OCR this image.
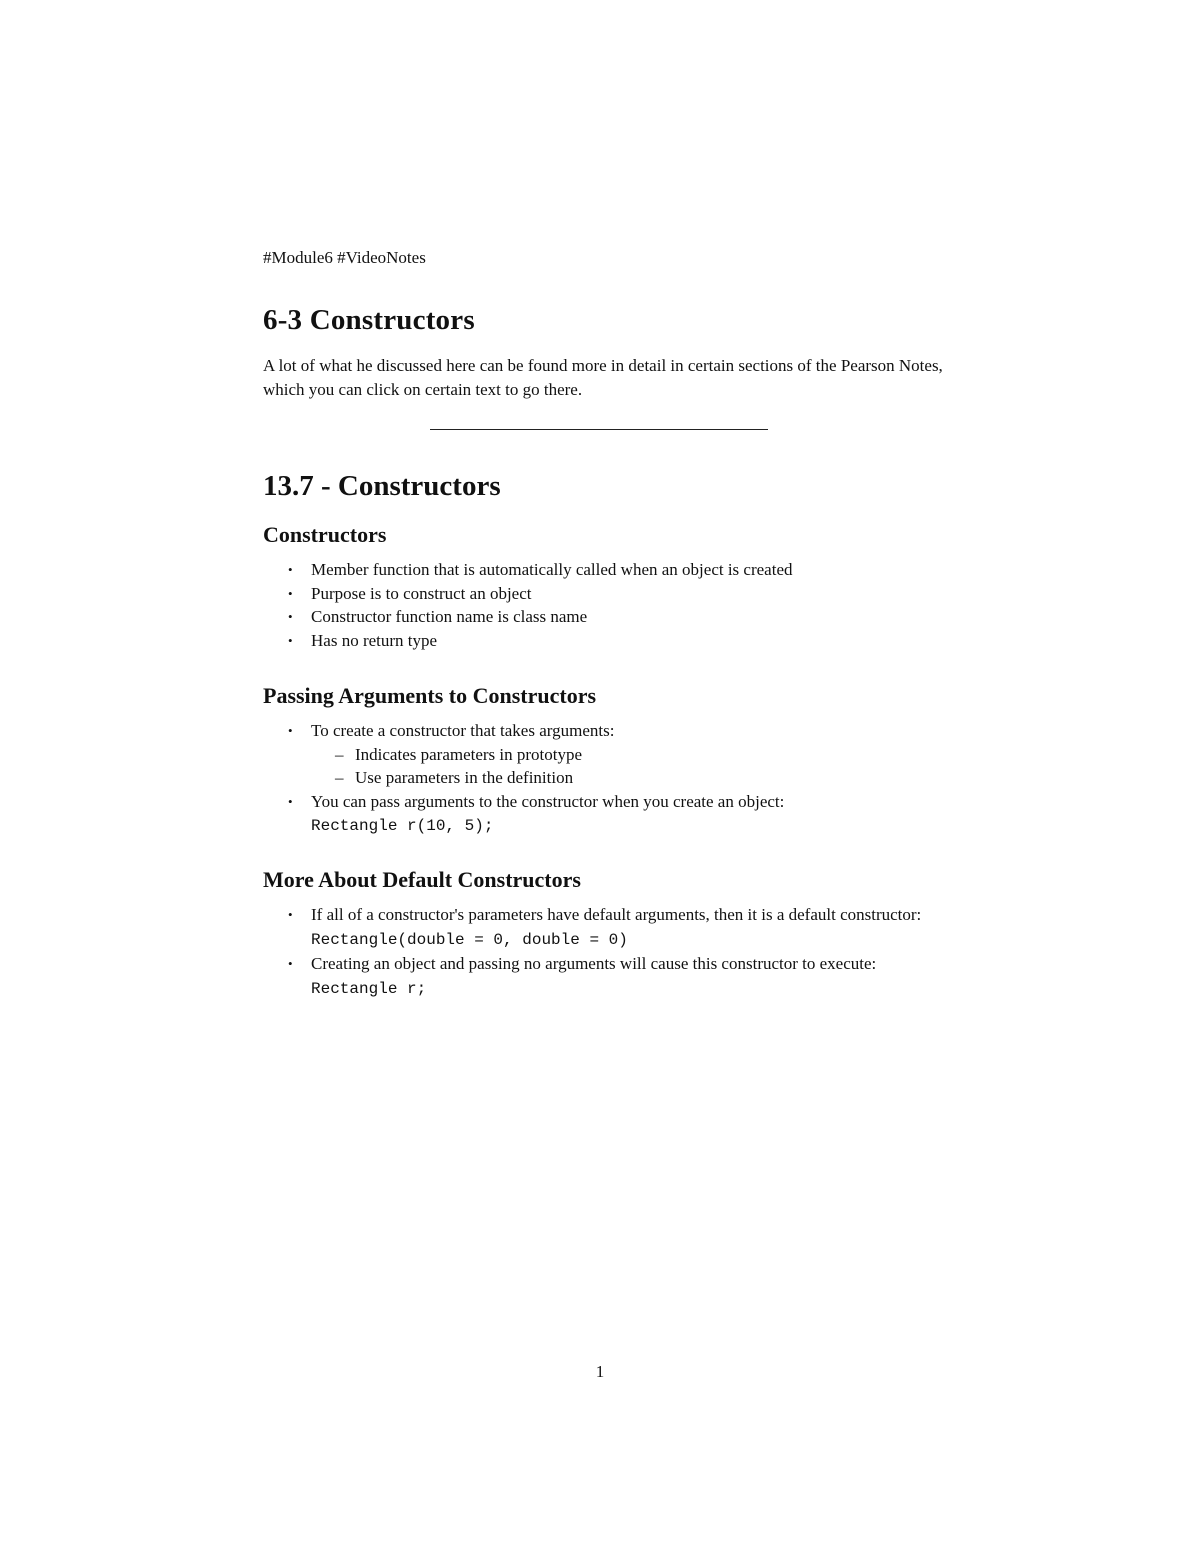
#Module6 #VideoNotes

6-3 Constructors

A lot of what he discussed here can be found more in detail in certain sections of the Pearson Notes, which you can click on certain text to go there.

13.7 - Constructors
Constructors
• Member function that is automatically called when an object is created
• Purpose is to construct an object
• Constructor function name is class name
• Has no return type
Passing Arguments to Constructors
• To create a constructor that takes arguments:
– Indicates parameters in prototype
– Use parameters in the definition
• You can pass arguments to the constructor when you create an object:
Rectangle r(10, 5);
More About Default Constructors
• If all of a constructor's parameters have default arguments, then it is a default constructor: Rectangle(double = 0, double = 0)
• Creating an object and passing no arguments will cause this constructor to execute: Rectangle r;
1
